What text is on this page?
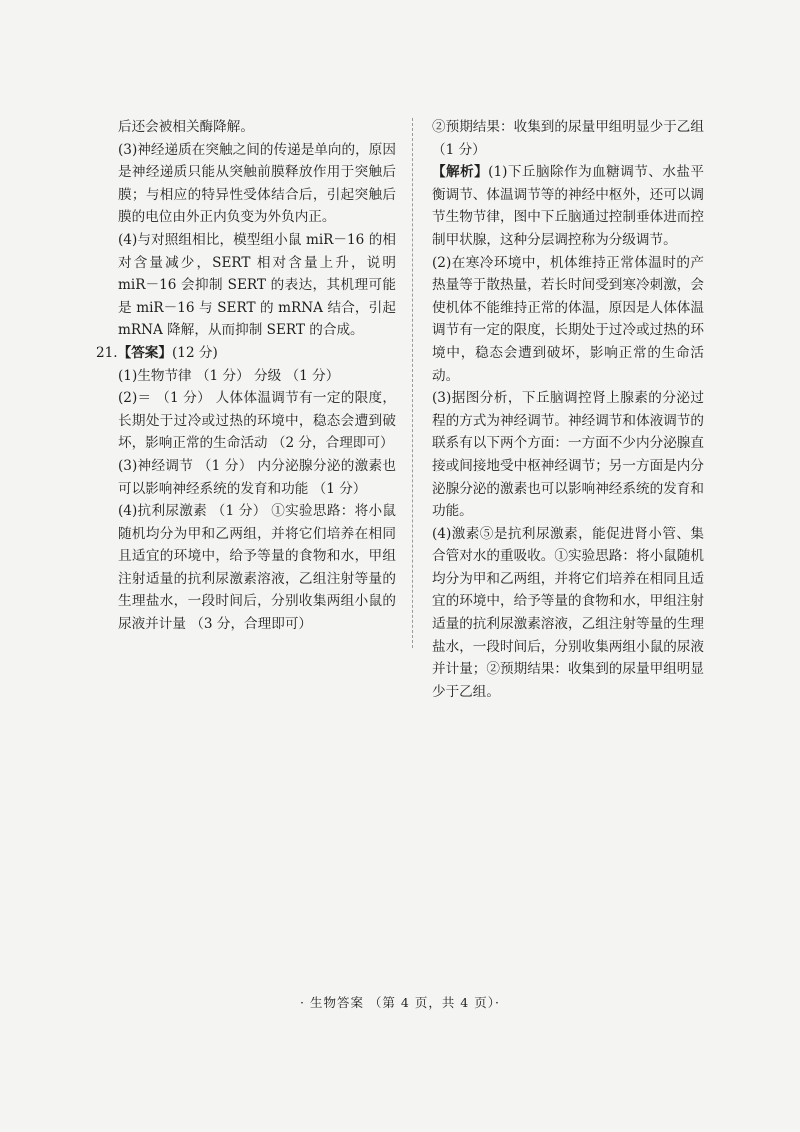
后还会被相关酶降解。

(3)神经递质在突触之间的传递是单向的，原因是神经递质只能从突触前膜释放作用于突触后膜；与相应的特异性受体结合后，引起突触后膜的电位由外正内负变为外负内正。

(4)与对照组相比，模型组小鼠 miR－16 的相对含量减少，SERT 相对含量上升，说明 miR－16 会抑制 SERT 的表达，其机理可能是 miR－16 与 SERT 的 mRNA 结合，引起 mRNA 降解，从而抑制 SERT 的合成。

21.【答案】(12 分)

(1)生物节律 （1 分） 分级 （1 分）

(2)＝ （1 分） 人体体温调节有一定的限度，长期处于过冷或过热的环境中，稳态会遭到破坏，影响正常的生命活动 （2 分，合理即可）

(3)神经调节 （1 分） 内分泌腺分泌的激素也可以影响神经系统的发育和功能 （1 分）

(4)抗利尿激素 （1 分） ①实验思路：将小鼠随机均分为甲和乙两组，并将它们培养在相同且适宜的环境中，给予等量的食物和水，甲组注射适量的抗利尿激素溶液，乙组注射等量的生理盐水，一段时间后，分别收集两组小鼠的尿液并计量 （3 分，合理即可）

②预期结果：收集到的尿量甲组明显少于乙组 （1 分）

【解析】(1)下丘脑除作为血糖调节、水盐平衡调节、体温调节等的神经中枢外，还可以调节生物节律，图中下丘脑通过控制垂体进而控制甲状腺，这种分层调控称为分级调节。

(2)在寒冷环境中，机体维持正常体温时的产热量等于散热量，若长时间受到寒冷刺激，会使机体不能维持正常的体温，原因是人体体温调节有一定的限度，长期处于过冷或过热的环境中，稳态会遭到破坏，影响正常的生命活动。

(3)据图分析，下丘脑调控肾上腺素的分泌过程的方式为神经调节。神经调节和体液调节的联系有以下两个方面：一方面不少内分泌腺直接或间接地受中枢神经调节；另一方面是内分泌腺分泌的激素也可以影响神经系统的发育和功能。

(4)激素⑤是抗利尿激素，能促进肾小管、集合管对水的重吸收。①实验思路：将小鼠随机均分为甲和乙两组，并将它们培养在相同且适宜的环境中，给予等量的食物和水，甲组注射适量的抗利尿激素溶液，乙组注射等量的生理盐水，一段时间后，分别收集两组小鼠的尿液并计量；②预期结果：收集到的尿量甲组明显少于乙组。

· 生物答案 （第 4 页，共 4 页）·
